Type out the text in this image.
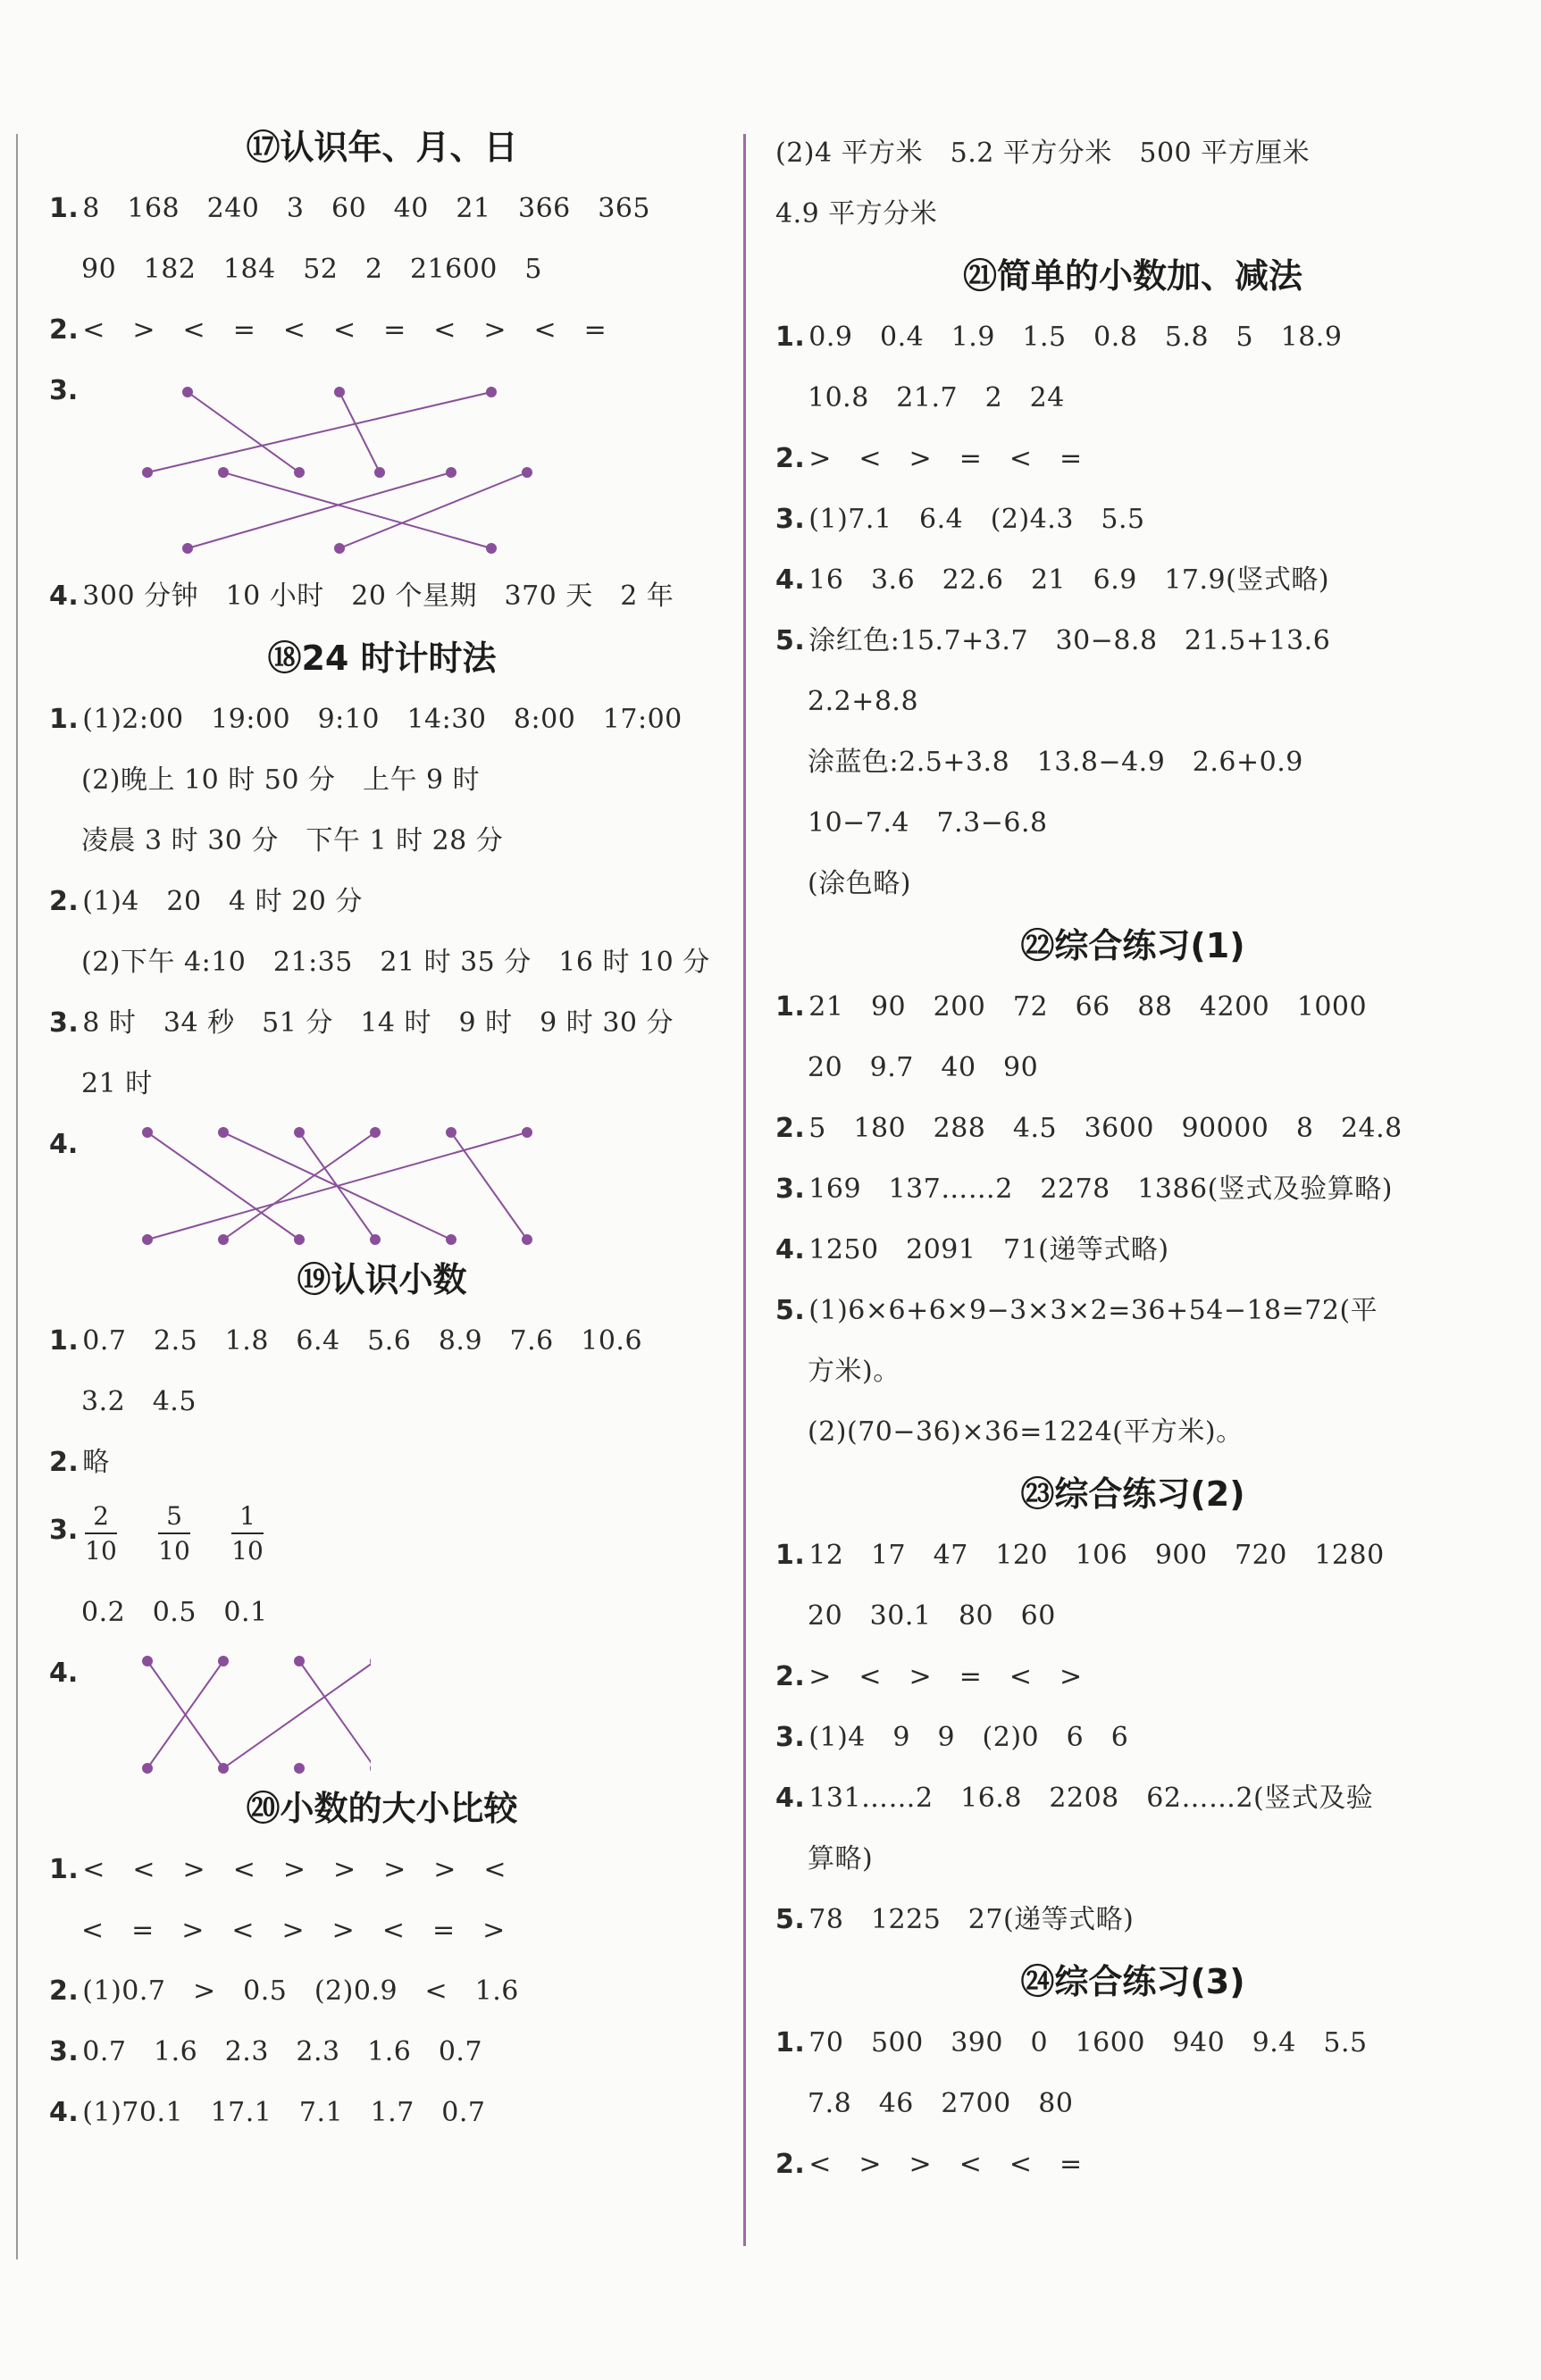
⑰认识年、月、日
1. 8　168　240　3　60　40　21　366　365
90　182　184　52　2　21600　5
2. <　>　<　=　<　<　=　<　>　<　=
3.
4. 300 分钟　10 小时　20 个星期　370 天　2 年
⑱24 时计时法
1. (1)2:00　19:00　9:10　14:30　8:00　17:00
(2)晚上 10 时 50 分　上午 9 时
凌晨 3 时 30 分　下午 1 时 28 分
2. (1)4　20　4 时 20 分
(2)下午 4:10　21:35　21 时 35 分　16 时 10 分
3. 8 时　34 秒　51 分　14 时　9 时　9 时 30 分
21 时
4.
⑲认识小数
1. 0.7　2.5　1.8　6.4　5.6　8.9　7.6　10.6
3.2　4.5
2. 略
3. 2
10
5
10
1
10
0.2　0.5　0.1
4.
⑳小数的大小比较
1. <　<　>　<　>　>　>　>　<
<　=　>　<　>　>　<　=　>
2. (1)0.7　>　0.5　(2)0.9　<　1.6
3. 0.7　1.6　2.3　2.3　1.6　0.7
4. (1)70.1　17.1　7.1　1.7　0.7
(2)4 平方米　5.2 平方分米　500 平方厘米
4.9 平方分米
㉑简单的小数加、减法
1. 0.9　0.4　1.9　1.5　0.8　5.8　5　18.9
10.8　21.7　2　24
2. >　<　>　=　<　=
3. (1)7.1　6.4　(2)4.3　5.5
4. 16　3.6　22.6　21　6.9　17.9(竖式略)
5. 涂红色:15.7+3.7　30−8.8　21.5+13.6
2.2+8.8
涂蓝色:2.5+3.8　13.8−4.9　2.6+0.9
10−7.4　7.3−6.8
(涂色略)
㉒综合练习(1)
1. 21　90　200　72　66　88　4200　1000
20　9.7　40　90
2. 5　180　288　4.5　3600　90000　8　24.8
3. 169　137……2　2278　1386(竖式及验算略)
4. 1250　2091　71(递等式略)
5. (1)6×6+6×9−3×3×2=36+54−18=72(平
方米)。
(2)(70−36)×36=1224(平方米)。
㉓综合练习(2)
1. 12　17　47　120　106　900　720　1280
20　30.1　80　60
2. >　<　>　=　<　>
3. (1)4　9　9　(2)0　6　6
4. 131……2　16.8　2208　62……2(竖式及验
算略)
5. 78　1225　27(递等式略)
㉔综合练习(3)
1. 70　500　390　0　1600　940　9.4　5.5
7.8　46　2700　80
2. <　>　>　<　<　=
